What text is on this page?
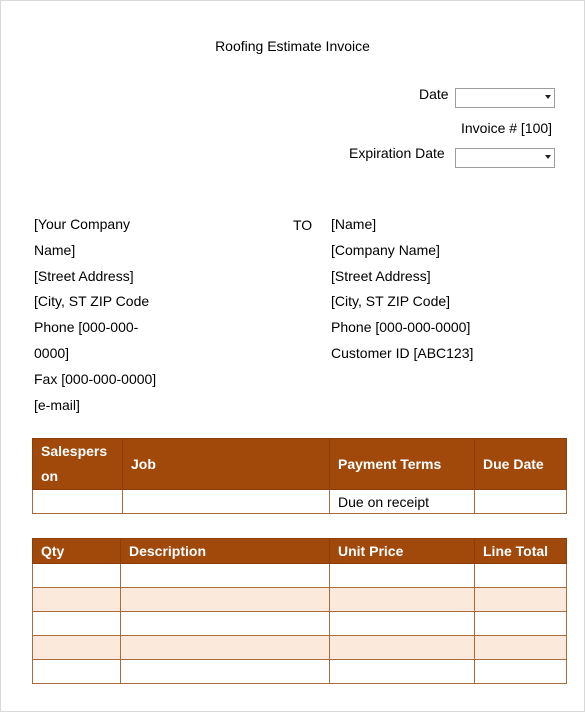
Roofing Estimate Invoice
Date
Invoice # [100]
Expiration Date
[Your Company
Name]
[Street Address]
[City, ST ZIP Code
Phone [000-000-
0000]
Fax [000-000-0000]
[e-mail]
TO [Name]
[Company Name]
[Street Address]
[City, ST ZIP Code]
Phone [000-000-0000]
Customer ID [ABC123]
Salesperson	Job	Payment Terms	Due Date
		Due on receipt	
Qty	Description	Unit Price	Line Total
